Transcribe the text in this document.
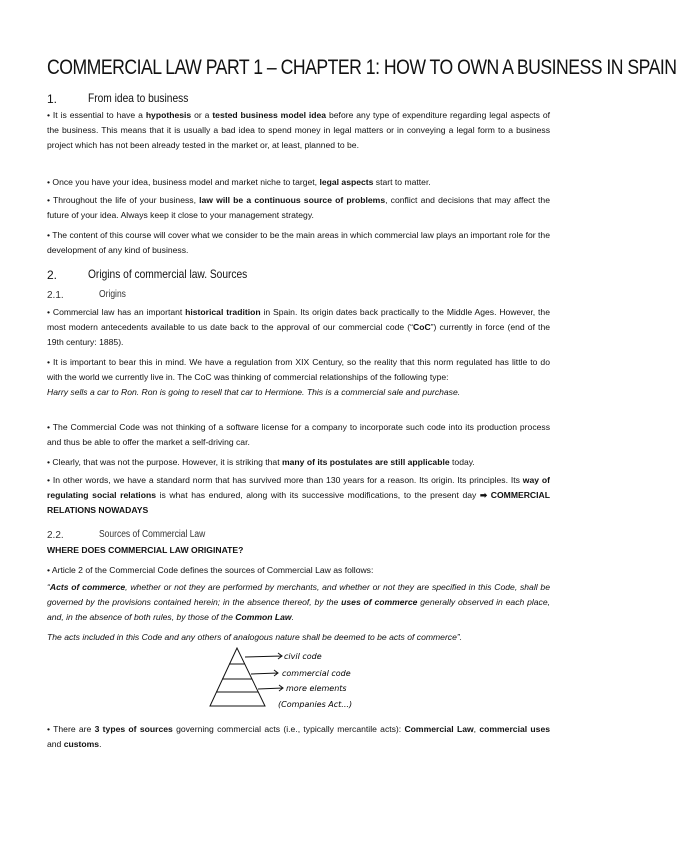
COMMERCIAL LAW PART 1 – CHAPTER 1: HOW TO OWN A BUSINESS IN SPAIN
1.	From idea to business
• It is essential to have a hypothesis or a tested business model idea before any type of expenditure regarding legal aspects of the business. This means that it is usually a bad idea to spend money in legal matters or in conveying a legal form to a business project which has not been already tested in the market or, at least, planned to be.
• Once you have your idea, business model and market niche to target, legal aspects start to matter.
• Throughout the life of your business, law will be a continuous source of problems, conflict and decisions that may affect the future of your idea. Always keep it close to your management strategy.
• The content of this course will cover what we consider to be the main areas in which commercial law plays an important role for the development of any kind of business.
2.	Origins of commercial law. Sources
2.1.	Origins
• Commercial law has an important historical tradition in Spain. Its origin dates back practically to the Middle Ages. However, the most modern antecedents available to us date back to the approval of our commercial code (“CoC”) currently in force (end of the 19th century: 1885).
• It is important to bear this in mind. We have a regulation from XIX Century, so the reality that this norm regulated has little to do with the world we currently live in. The CoC was thinking of commercial relationships of the following type:
Harry sells a car to Ron. Ron is going to resell that car to Hermione. This is a commercial sale and purchase.
• The Commercial Code was not thinking of a software license for a company to incorporate such code into its production process and thus be able to offer the market a self-driving car.
• Clearly, that was not the purpose. However, it is striking that many of its postulates are still applicable today.
• In other words, we have a standard norm that has survived more than 130 years for a reason. Its origin. Its principles. Its way of regulating social relations is what has endured, along with its successive modifications, to the present day ➡ COMMERCIAL RELATIONS NOWADAYS
2.2.	Sources of Commercial Law
WHERE DOES COMMERCIAL LAW ORIGINATE?
• Article 2 of the Commercial Code defines the sources of Commercial Law as follows:
“Acts of commerce, whether or not they are performed by merchants, and whether or not they are specified in this Code, shall be governed by the provisions contained herein; in the absence thereof, by the uses of commerce generally observed in each place, and, in the absence of both rules, by those of the Common Law.
The acts included in this Code and any others of analogous nature shall be deemed to be acts of commerce”.
civil code
commercial code
more elements
(Companies Act...)
• There are 3 types of sources governing commercial acts (i.e., typically mercantile acts): Commercial Law, commercial uses and customs.
